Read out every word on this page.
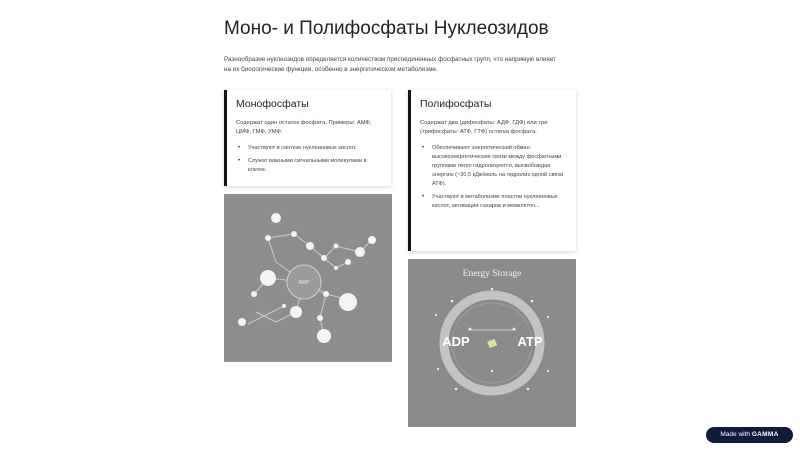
Моно- и Полифосфаты Нуклеозидов

Разнообразие нуклеозидов определяется количеством присоединенных фосфатных групп, что напрямую влияет на их биологические функции, особенно в энергетическом метаболизме.

Монофосфаты

Содержат один остаток фосфата. Примеры: АМФ, ЦМФ, ГМФ, УМФ.

• Участвуют в синтезе нуклеиновых кислот.
• Служат важными сигнальными молекулами в клетке.
Полифосфаты

Содержат два (дифосфаты: АДФ, ГДФ) или три (трифосфаты: АТФ, ГТФ) остатка фосфата.

• Обеспечивают энергетический обмен: высокоэнергетические связи между фосфатными группами легко гидролизуются, высвобождая энергию (~30,5 кДж/моль на гидролиз одной связи АТФ).
• Участвуют в метаболизме пластов нуклеиновых кислот, активации сахаров и межклеточ...
AMP
Energy Storage
ADP	ATP
Made with GAMMA
